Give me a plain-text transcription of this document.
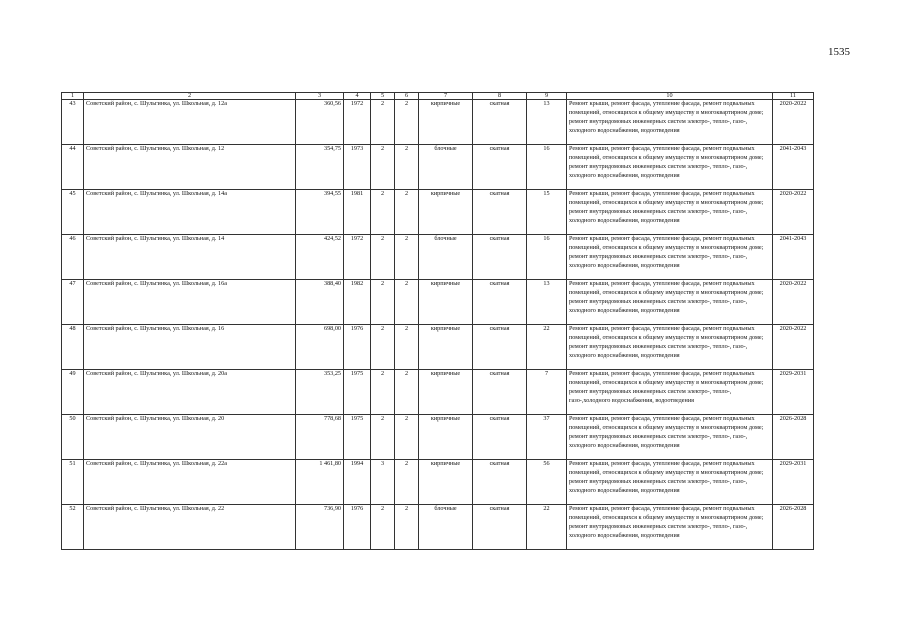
1535
1	2	3	4	5	6	7	8	9	10	11
43	Советский район, с. Шульгинка, ул. Школьная, д. 12а	360,56	1972	2	2	кирпичные	скатная	13	Ремонт крыши, ремонт фасада, утепление фасада, ремонт подвальных помещений, относящихся к общему имуществу в многоквартирном доме; ремонт внутридомовых инженерных систем электро-, тепло-, газо-, холодного водоснабжения, водоотведения	2020-2022
44	Советский район, с. Шульгинка, ул. Школьная, д. 12	354,75	1973	2	2	блочные	скатная	16	Ремонт крыши, ремонт фасада, утепление фасада, ремонт подвальных помещений, относящихся к общему имуществу в многоквартирном доме; ремонт внутридомовых инженерных систем электро-, тепло-, газо-, холодного водоснабжения, водоотведения	2041-2043
45	Советский район, с. Шульгинка, ул. Школьная, д. 14а	394,55	1981	2	2	кирпичные	скатная	15	Ремонт крыши, ремонт фасада, утепление фасада, ремонт подвальных помещений, относящихся к общему имуществу в многоквартирном доме; ремонт внутридомовых инженерных систем электро-, тепло-, газо-, холодного водоснабжения, водоотведения	2020-2022
46	Советский район, с. Шульгинка, ул. Школьная, д. 14	424,52	1972	2	2	блочные	скатная	16	Ремонт крыши, ремонт фасада, утепление фасада, ремонт подвальных помещений, относящихся к общему имуществу в многоквартирном доме; ремонт внутридомовых инженерных систем электро-, тепло-, газо-, холодного водоснабжения, водоотведения	2041-2043
47	Советский район, с. Шульгинка, ул. Школьная, д. 16а	388,40	1982	2	2	кирпичные	скатная	13	Ремонт крыши, ремонт фасада, утепление фасада, ремонт подвальных помещений, относящихся к общему имуществу в многоквартирном доме; ремонт внутридомовых инженерных систем электро-, тепло-, газо-, холодного водоснабжения, водоотведения	2020-2022
48	Советский район, с. Шульгинка, ул. Школьная, д. 16	698,00	1976	2	2	кирпичные	скатная	22	Ремонт крыши, ремонт фасада, утепление фасада, ремонт подвальных помещений, относящихся к общему имуществу в многоквартирном доме; ремонт внутридомовых инженерных систем электро-, тепло-, газо-, холодного водоснабжения, водоотведения	2020-2022
49	Советский район, с. Шульгинка, ул. Школьная, д. 20а	353,25	1975	2	2	кирпичные	скатная	7	Ремонт крыши, ремонт фасада, утепление фасада, ремонт подвальных помещений, относящихся к общему имуществу в многоквартирном доме; ремонт внутридомовых инженерных систем электро-, тепло-, газо-,холодного водоснабжения, водоотведения	2029-2031
50	Советский район, с. Шульгинка, ул. Школьная, д. 20	778,68	1975	2	2	кирпичные	скатная	37	Ремонт крыши, ремонт фасада, утепление фасада, ремонт подвальных помещений, относящихся к общему имуществу в многоквартирном доме; ремонт внутридомовых инженерных систем электро-, тепло-, газо-, холодного водоснабжения, водоотведения	2026-2028
51	Советский район, с. Шульгинка, ул. Школьная, д. 22а	1 461,80	1994	3	2	кирпичные	скатная	56	Ремонт крыши, ремонт фасада, утепление фасада, ремонт подвальных помещений, относящихся к общему имуществу в многоквартирном доме; ремонт внутридомовых инженерных систем электро-, тепло-, газо-, холодного водоснабжения, водоотведения	2029-2031
52	Советский район, с. Шульгинка, ул. Школьная, д. 22	736,90	1976	2	2	блочные	скатная	22	Ремонт крыши, ремонт фасада, утепление фасада, ремонт подвальных помещений, относящихся к общему имуществу в многоквартирном доме; ремонт внутридомовых инженерных систем электро-, тепло-, газо-, холодного водоснабжения, водоотведения	2026-2028
